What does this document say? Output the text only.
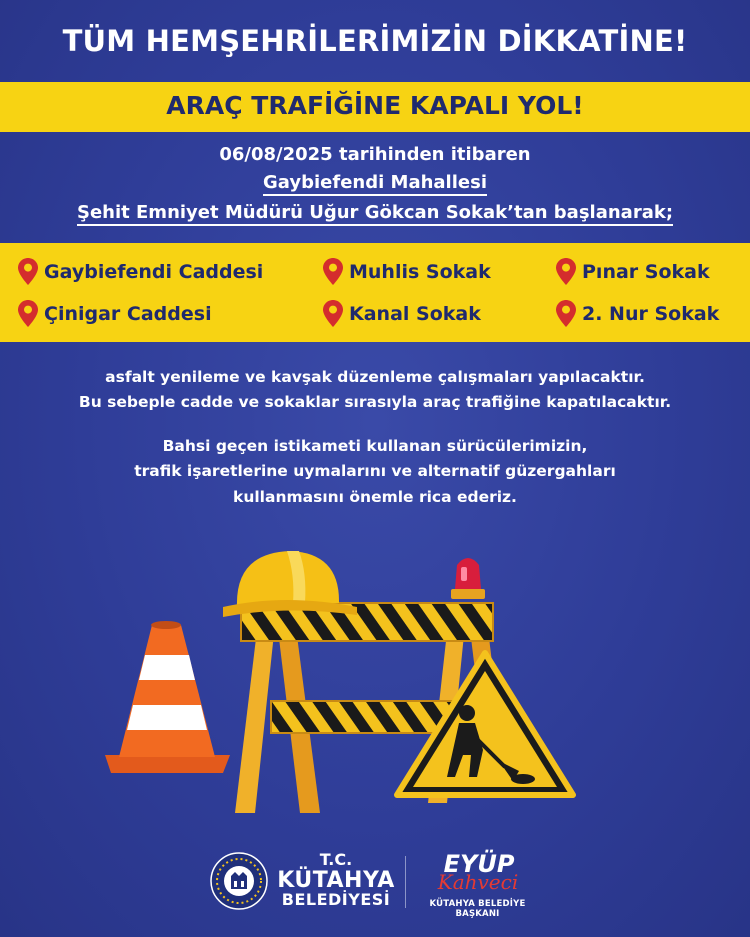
TÜM HEMŞEHRİLERİMİZİN DİKKATİNE!
ARAÇ TRAFİĞİNE KAPALI YOL!
06/08/2025 tarihinden itibaren
Gaybiefendi Mahallesi
Şehit Emniyet Müdürü Uğur Gökcan Sokak’tan başlanarak;
Gaybiefendi Caddesi	Muhlis Sokak	Pınar Sokak
Çinigar Caddesi	Kanal Sokak	2. Nur Sokak
asfalt yenileme ve kavşak düzenleme çalışmaları yapılacaktır.
Bu sebeple cadde ve sokaklar sırasıyla araç trafiğine kapatılacaktır.
Bahsi geçen istikameti kullanan sürücülerimizin,
trafik işaretlerine uymalarını ve alternatif güzergahları
kullanmasını önemle rica ederiz.
T.C.
KÜTAHYA
BELEDİYESİ
EYÜP
Kahveci
KÜTAHYA BELEDİYE BAŞKANI
